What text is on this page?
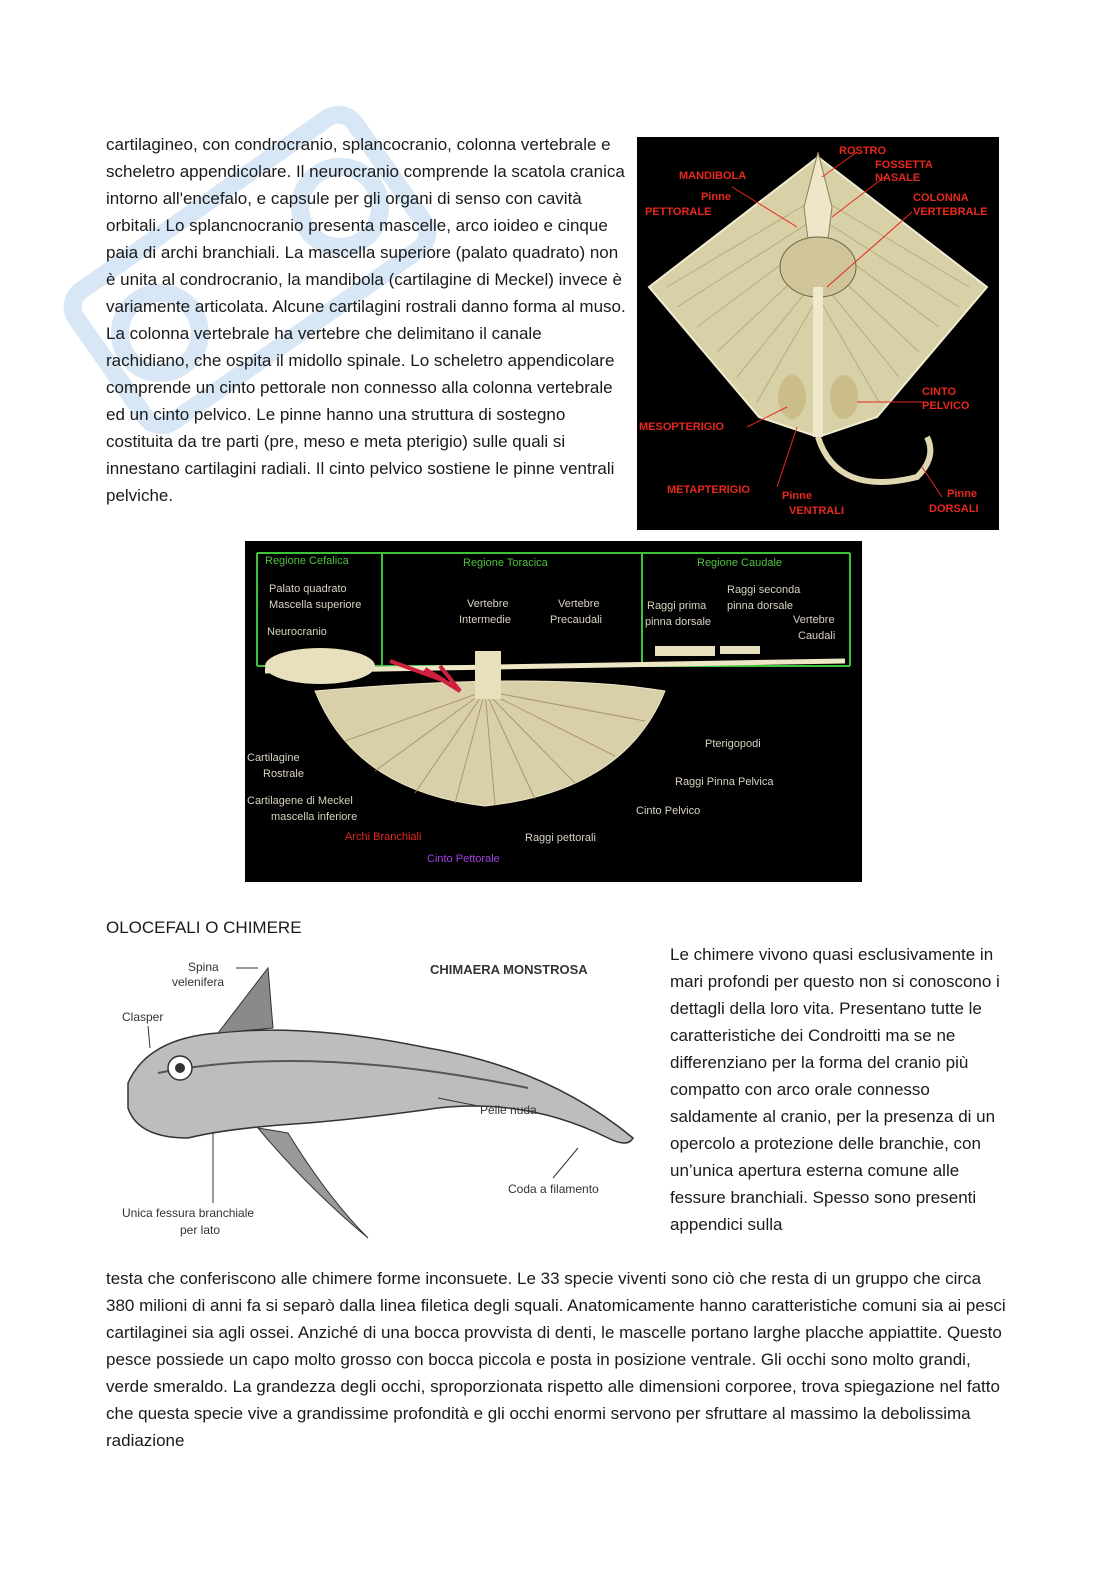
cartilagineo, con condrocranio, splancocranio, colonna vertebrale e scheletro appendicolare. Il neurocranio comprende la scatola cranica intorno all'encefalo, e capsule per gli organi di senso con cavità orbitali. Lo splancnocranio presenta mascelle, arco ioideo e cinque paia di archi branchiali. La mascella superiore (palato quadrato) non è unita al condrocranio, la mandibola (cartilagine di Meckel) invece è variamente articolata. Alcune cartilagini rostrali danno forma al muso. La colonna vertebrale ha vertebre che delimitano il canale rachidiano, che ospita il midollo spinale. Lo scheletro appendicolare comprende un cinto pettorale non connesso alla colonna vertebrale ed un cinto pelvico. Le pinne hanno una struttura di sostegno costituita da tre parti (pre, meso e meta pterigio) sulle quali si innestano cartilagini radiali. Il cinto pelvico sostiene le pinne ventrali pelviche.

ROSTRO
FOSSETTA
NASALE
MANDIBOLA
Pinne
PETTORALE
COLONNA
VERTEBRALE
CINTO
PELVICO
MESOPTERIGIO
METAPTERIGIO	Pinne
VENTRALI
Pinne
DORSALI
Regione Cefalica	Regione Toracica	Regione Caudale
Palato quadrato
Mascella superiore
Neurocranio
Vertebre
Intermedie
Vertebre
Precaudali
Raggi prima
pinna dorsale
Raggi seconda
pinna dorsale
Vertebre
Caudali
Cartilagine
Rostrale
Cartilagene di Meckel
mascella inferiore
Archi Branchiali
Cinto Pettorale
Raggi pettorali
Cinto Pelvico
Raggi Pinna Pelvica
Pterigopodi
OLOCEFALI O CHIMERE
CHIMAERA MONSTROSA
Spina
velenifera
Clasper
Pelle nuda
Coda a filamento
Unica fessura branchiale
per lato

Le chimere vivono quasi esclusivamente in mari profondi per questo non si conoscono i dettagli della loro vita. Presentano tutte le caratteristiche dei Condroitti ma se ne differenziano per la forma del cranio più compatto con arco orale connesso saldamente al cranio, per la presenza di un opercolo a protezione delle branchie, con un’unica apertura esterna comune alle fessure branchiali. Spesso sono presenti appendici sulla

testa che conferiscono alle chimere forme inconsuete. Le 33 specie viventi sono ciò che resta di un gruppo che circa 380 milioni di anni fa si separò dalla linea filetica degli squali. Anatomicamente hanno caratteristiche comuni sia ai pesci cartilaginei sia agli ossei. Anziché di una bocca provvista di denti, le mascelle portano larghe placche appiattite. Questo pesce possiede un capo molto grosso con bocca piccola e posta in posizione ventrale. Gli occhi sono molto grandi, verde smeraldo. La grandezza degli occhi, sproporzionata rispetto alle dimensioni corporee, trova spiegazione nel fatto che questa specie vive a grandissime profondità e gli occhi enormi servono per sfruttare al massimo la debolissima radiazione
